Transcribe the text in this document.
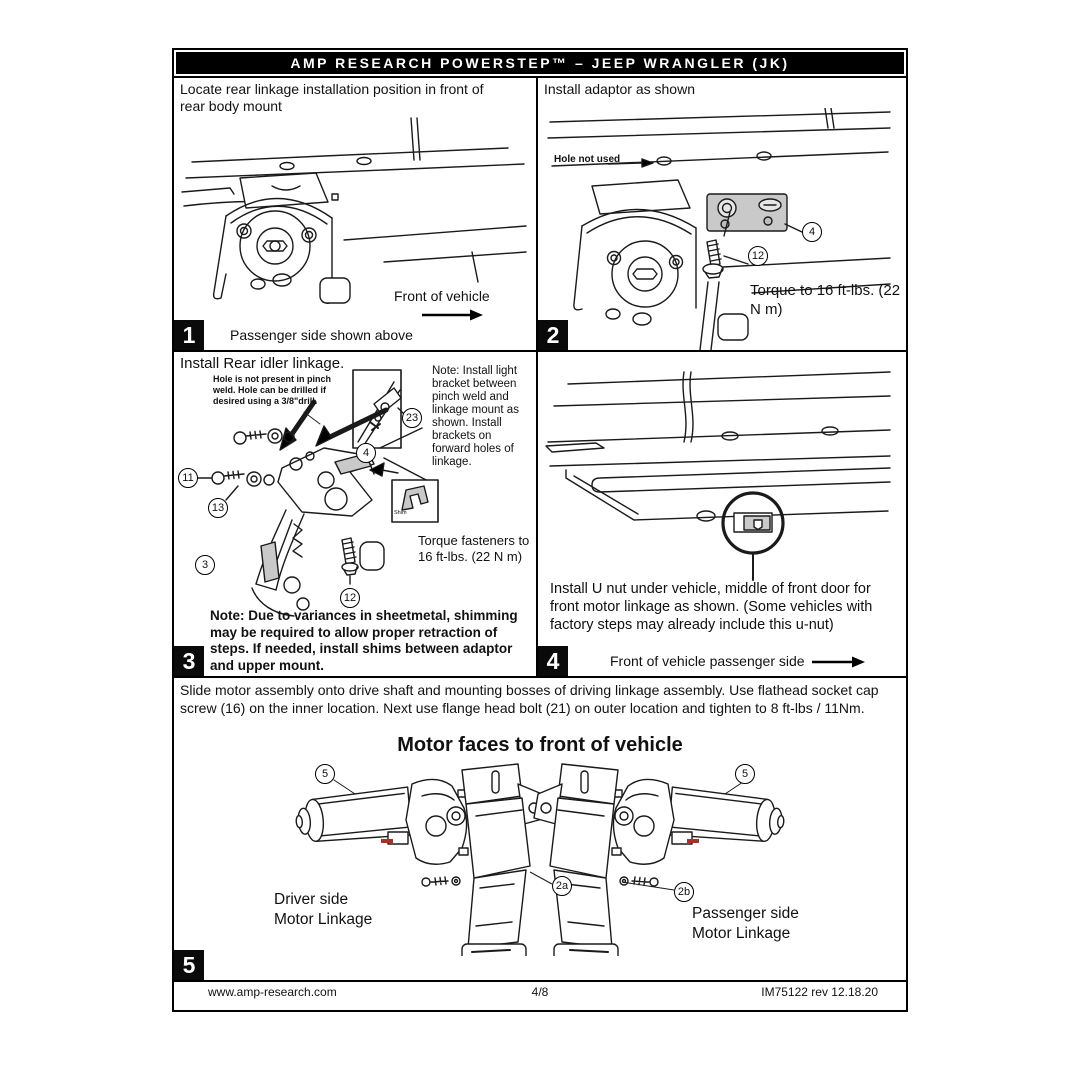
AMP RESEARCH POWERSTEP™ – JEEP WRANGLER (JK)
Locate rear linkage installation position in front of rear body mount
Front of vehicle
1	Passenger side shown above
Install adaptor as shown
Hole not used
4
12
Torque to 16 ft-lbs. (22 N m)
2
Install Rear idler linkage.
Hole is not present in pinch weld. Hole can be drilled if desired using a 3/8"drill.
Note: Install light bracket between pinch weld and linkage mount as shown. Install brackets on forward holes of linkage.
23
11
13
3
12
4
Shim
Torque fasteners to 16 ft-lbs. (22 N m)
Note: Due to variances in sheetmetal, shimming may be required to allow proper retraction of steps. If needed, install shims between adaptor and upper mount.
3
Install U nut under vehicle, middle of front door for front motor linkage as shown. (Some vehicles with factory steps may already include this u-nut)
Front of vehicle passenger side
4
Slide motor assembly onto drive shaft and mounting bosses of driving linkage assembly. Use flathead socket cap screw (16) on the inner location. Next use flange head bolt (21) on outer location and tighten to 8 ft-lbs / 11Nm.
Motor faces to front of vehicle
5	5
2a	2b
Driver side
Motor Linkage	Passenger side
Motor Linkage
5
www.amp-research.com	4/8	IM75122 rev 12.18.20
